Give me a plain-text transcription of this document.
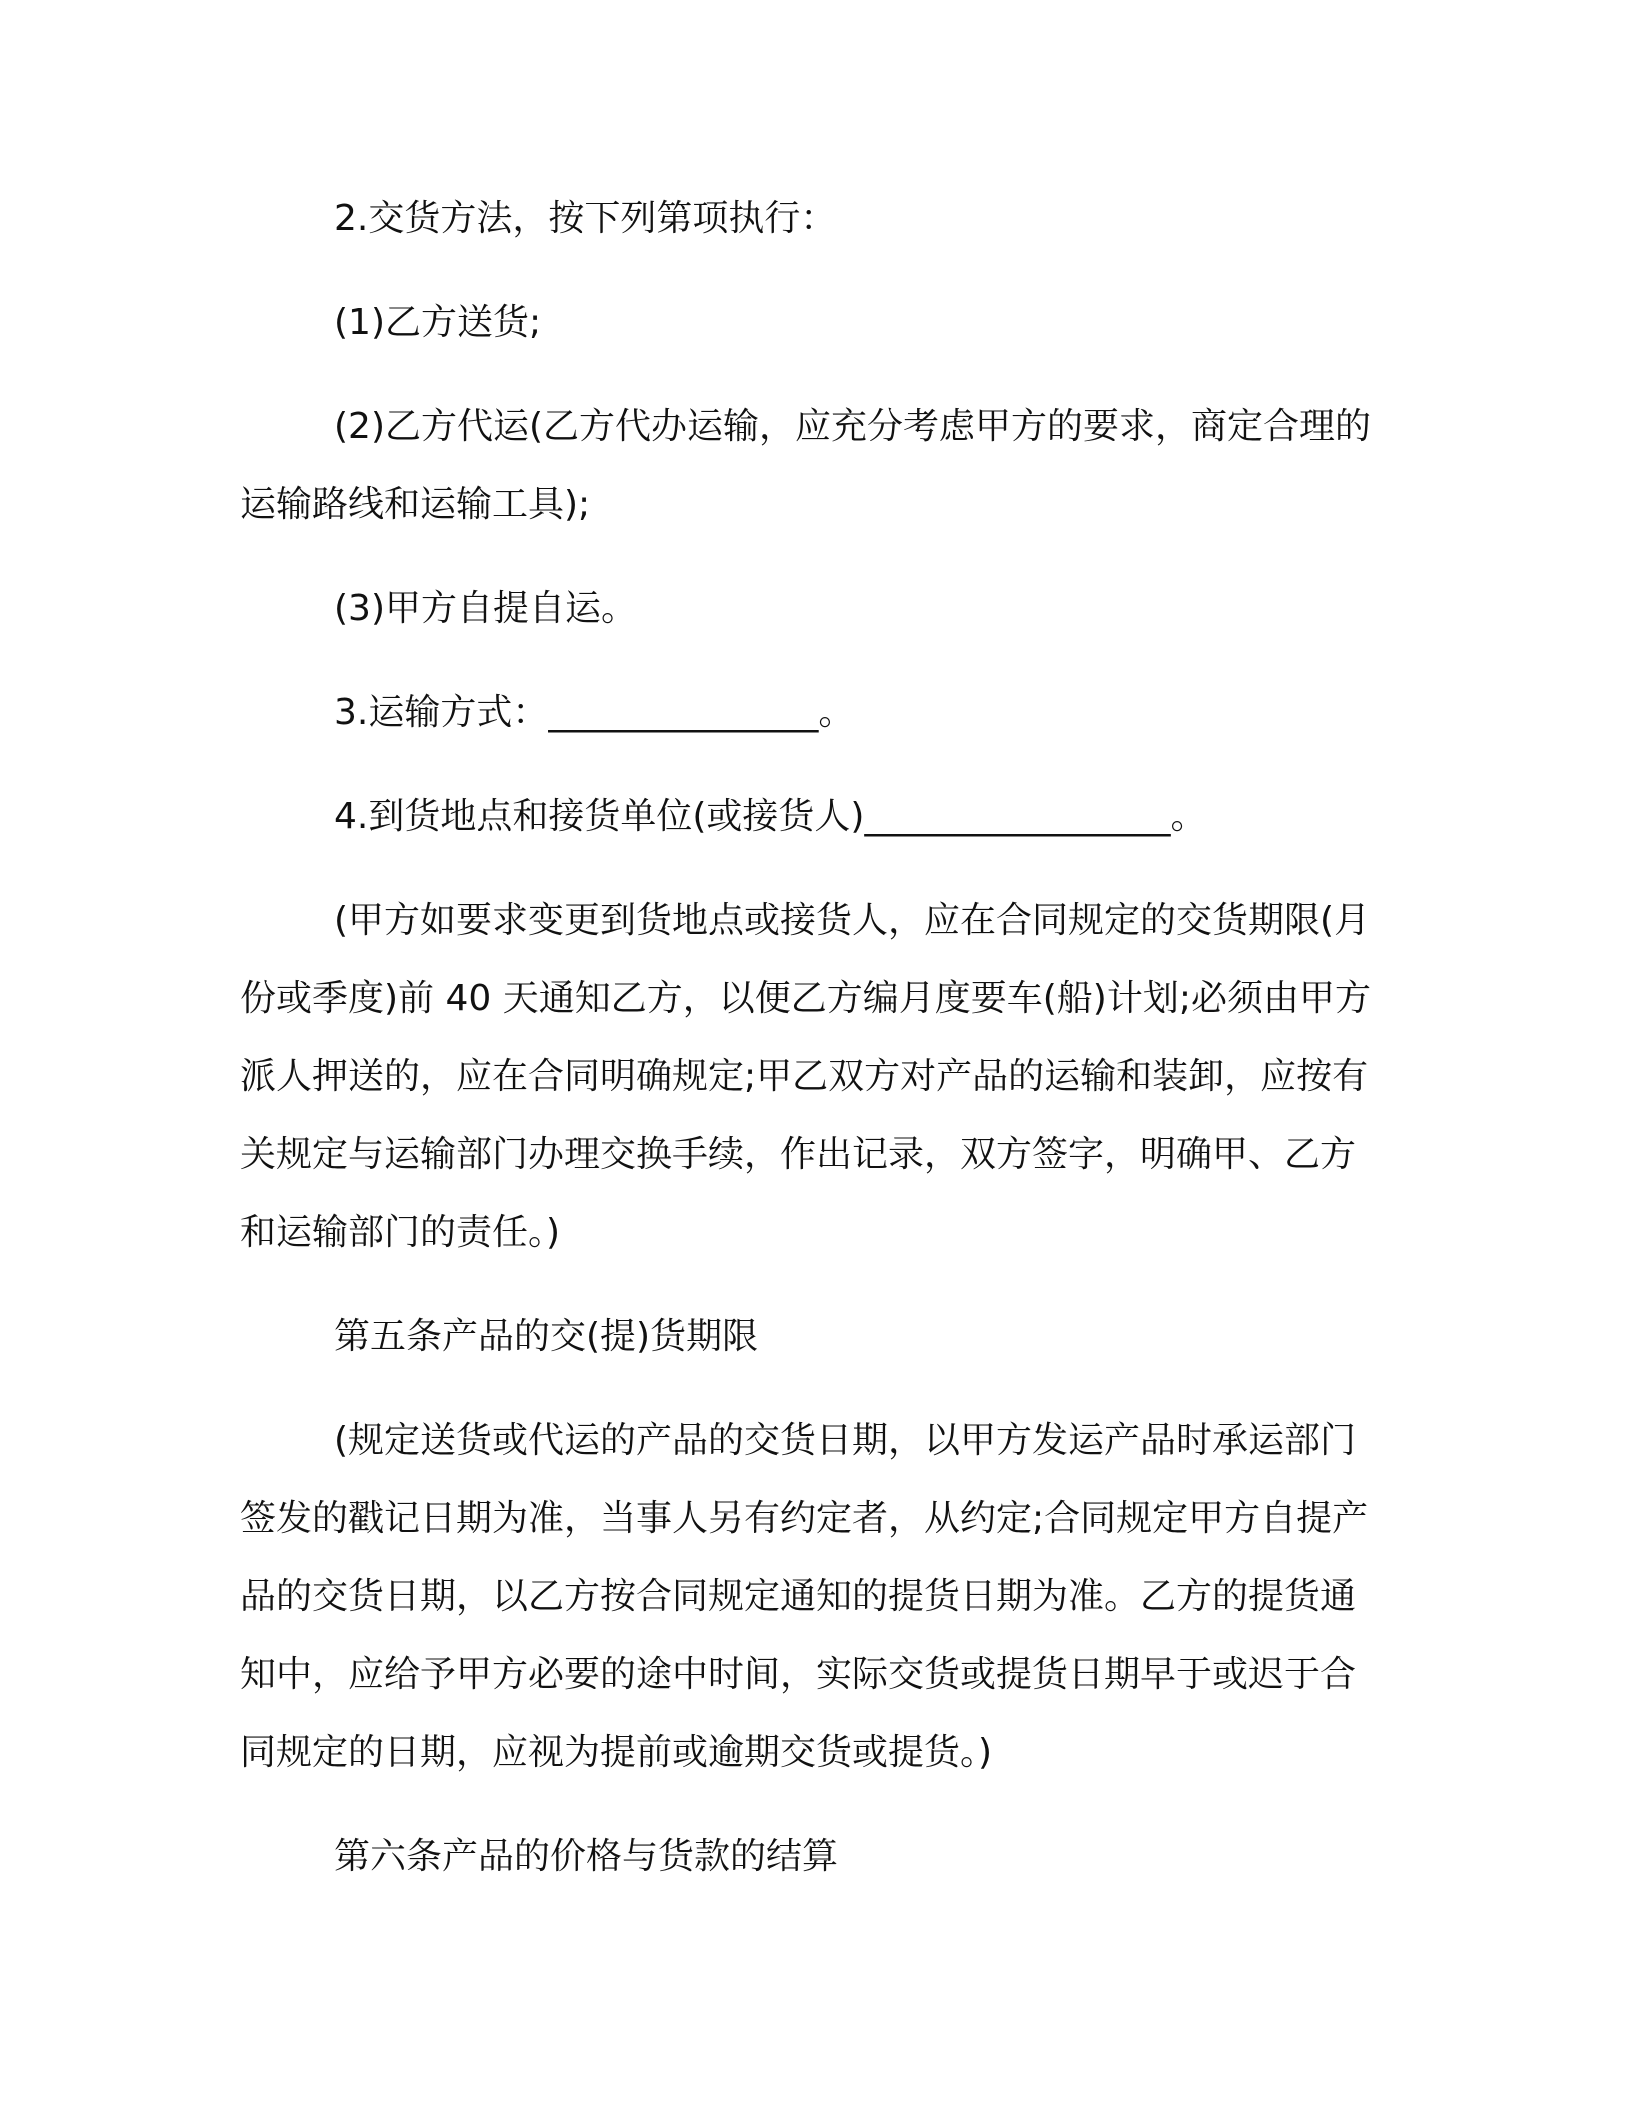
2.交货方法，按下列第项执行：

(1)乙方送货;

(2)乙方代运(乙方代办运输，应充分考虑甲方的要求，商定合理的运输路线和运输工具);

(3)甲方自提自运。

3.运输方式：_______________。

4.到货地点和接货单位(或接货人)_________________。

(甲方如要求变更到货地点或接货人，应在合同规定的交货期限(月份或季度)前 40 天通知乙方，以便乙方编月度要车(船)计划;必须由甲方派人押送的，应在合同明确规定;甲乙双方对产品的运输和装卸，应按有关规定与运输部门办理交换手续，作出记录，双方签字，明确甲、乙方和运输部门的责任。)

第五条产品的交(提)货期限

(规定送货或代运的产品的交货日期，以甲方发运产品时承运部门签发的戳记日期为准，当事人另有约定者，从约定;合同规定甲方自提产品的交货日期，以乙方按合同规定通知的提货日期为准。乙方的提货通知中，应给予甲方必要的途中时间，实际交货或提货日期早于或迟于合同规定的日期，应视为提前或逾期交货或提货。)

第六条产品的价格与货款的结算
